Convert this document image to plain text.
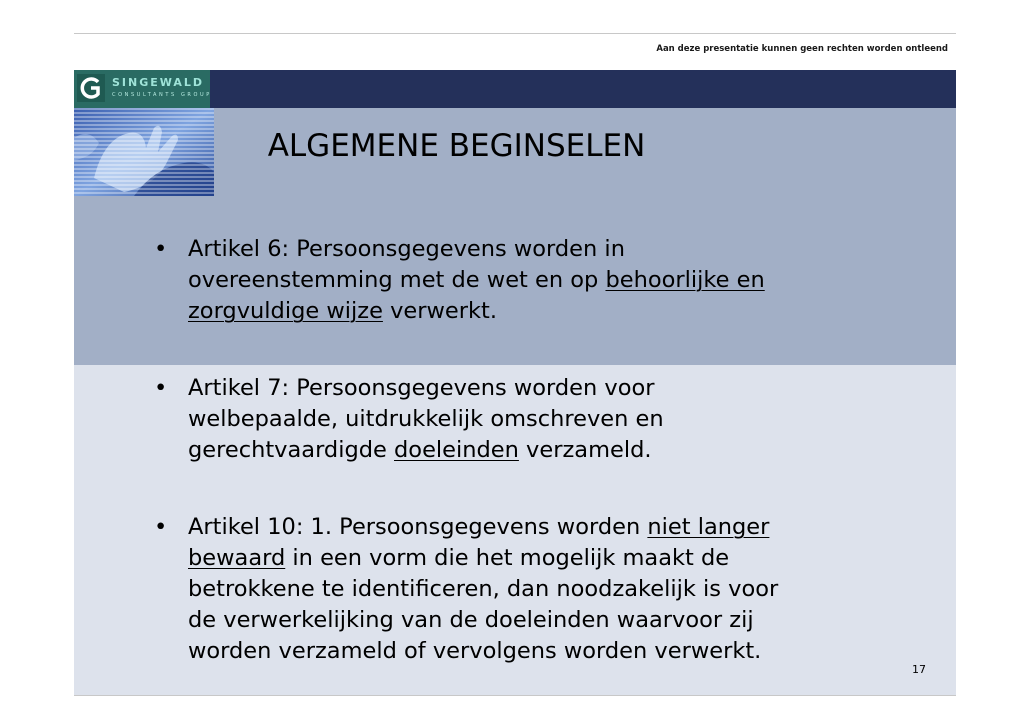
Aan deze presentatie kunnen geen rechten worden ontleend
SINGEWALD
CONSULTANTS GROUP
ALGEMENE BEGINSELEN
• Artikel 6: Persoonsgegevens worden in
overeenstemming met de wet en op behoorlijke en
zorgvuldige wijze verwerkt.
• Artikel 7: Persoonsgegevens worden voor
welbepaalde, uitdrukkelijk omschreven en
gerechtvaardigde doeleinden verzameld.
• Artikel 10: 1. Persoonsgegevens worden niet langer
bewaard in een vorm die het mogelijk maakt de
betrokkene te identificeren, dan noodzakelijk is voor
de verwerkelijking van de doeleinden waarvoor zij
worden verzameld of vervolgens worden verwerkt.
17
